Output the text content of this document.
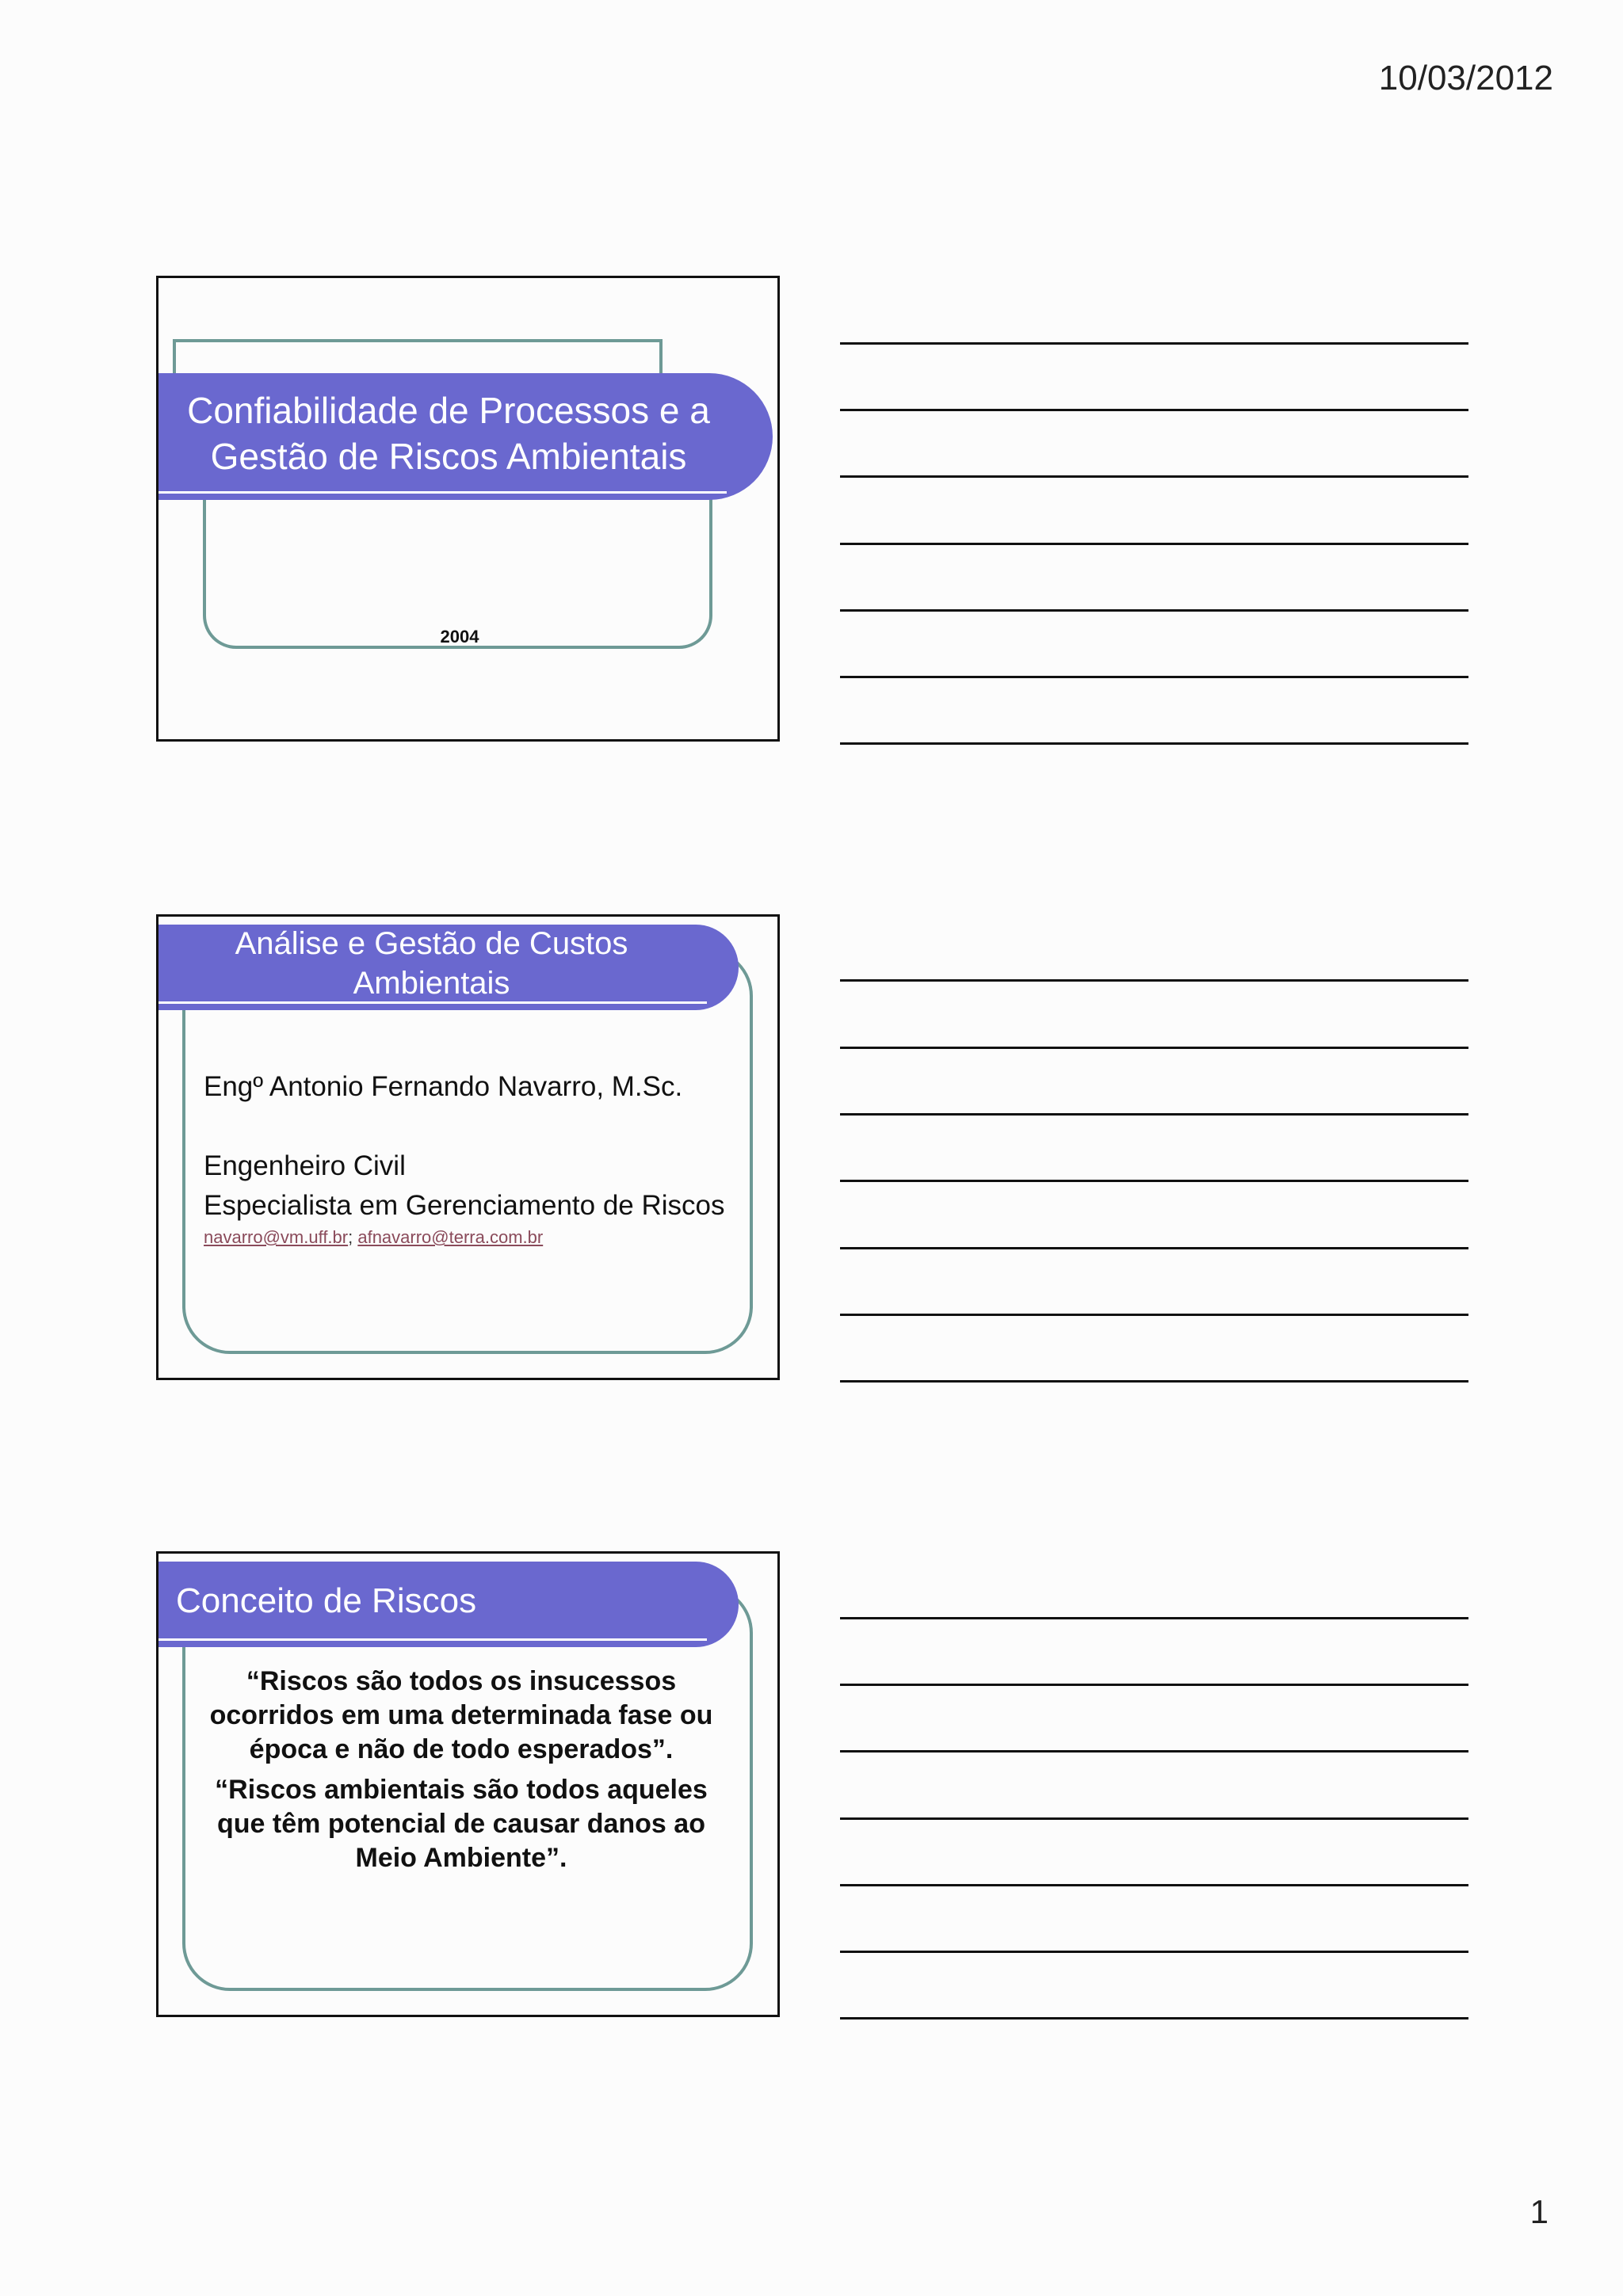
10/03/2012
Confiabilidade de Processos e a Gestão de Riscos Ambientais
2004
Análise e Gestão de Custos Ambientais
Engº Antonio Fernando Navarro, M.Sc.
Engenheiro Civil
Especialista em Gerenciamento de Riscos
navarro@vm.uff.br; afnavarro@terra.com.br
Conceito de Riscos

“Riscos são todos os insucessos ocorridos em uma determinada fase ou época e não de todo esperados”.

“Riscos ambientais são todos aqueles que têm potencial de causar danos ao Meio Ambiente”.

1
